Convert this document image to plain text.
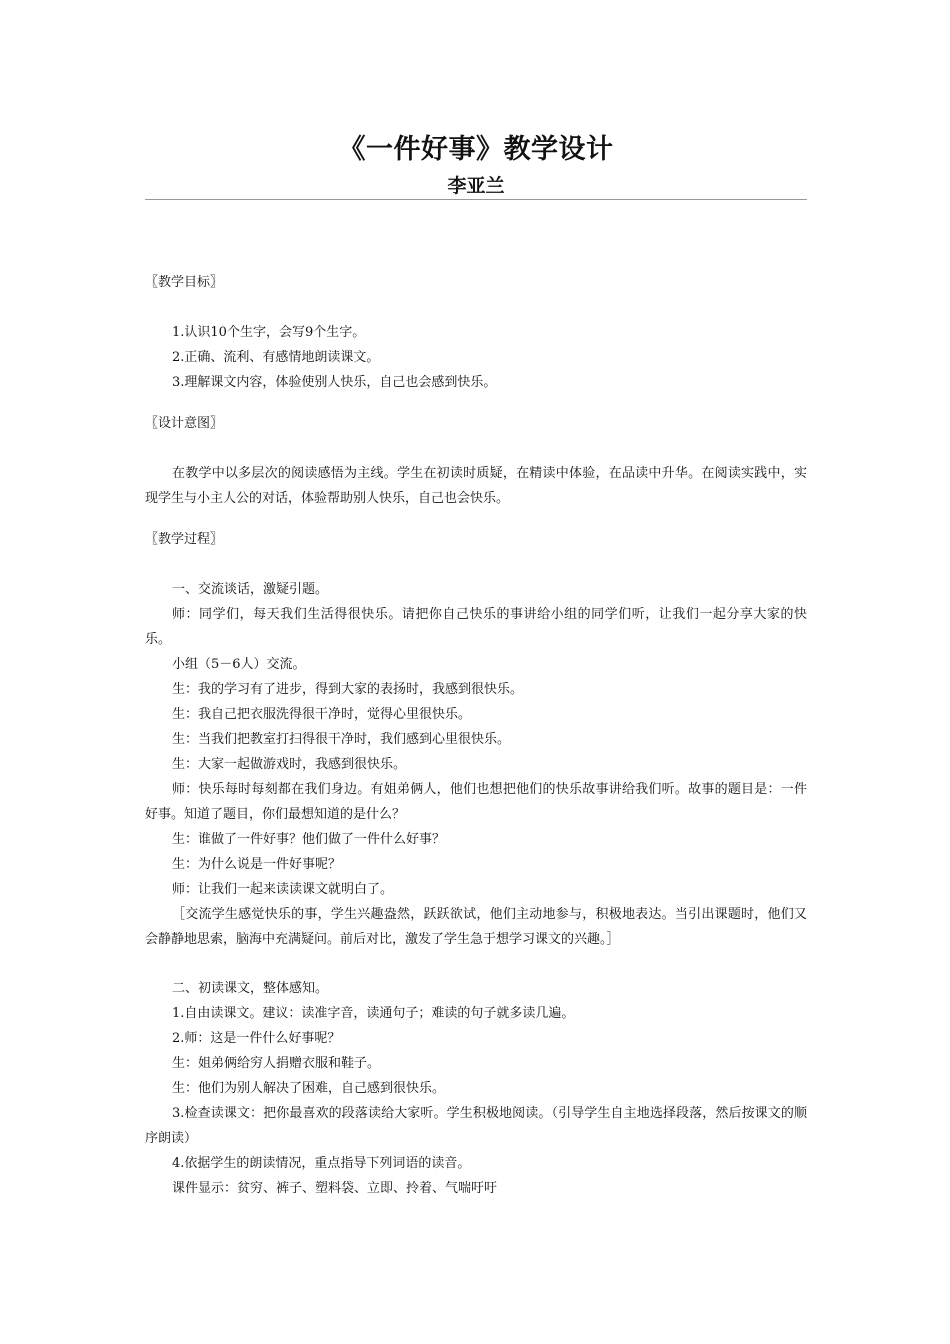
《一件好事》教学设计
李亚兰

〖教学目标〗

1.认识10个生字，会写9个生字。

2.正确、流利、有感情地朗读课文。

3.理解课文内容，体验使别人快乐，自己也会感到快乐。

〖设计意图〗

在教学中以多层次的阅读感悟为主线。学生在初读时质疑，在精读中体验，在品读中升华。在阅读实践中，实现学生与小主人公的对话，体验帮助别人快乐，自己也会快乐。

〖教学过程〗

一、交流谈话，激疑引题。

师：同学们，每天我们生活得很快乐。请把你自己快乐的事讲给小组的同学们听，让我们一起分享大家的快乐。

小组（5－6人）交流。

生：我的学习有了进步，得到大家的表扬时，我感到很快乐。

生：我自己把衣服洗得很干净时，觉得心里很快乐。

生：当我们把教室打扫得很干净时，我们感到心里很快乐。

生：大家一起做游戏时，我感到很快乐。

师：快乐每时每刻都在我们身边。有姐弟俩人，他们也想把他们的快乐故事讲给我们听。故事的题目是：一件好事。知道了题目，你们最想知道的是什么？

生：谁做了一件好事？他们做了一件什么好事？

生：为什么说是一件好事呢？

师：让我们一起来读读课文就明白了。

［交流学生感觉快乐的事，学生兴趣盎然，跃跃欲试，他们主动地参与，积极地表达。当引出课题时，他们又会静静地思索，脑海中充满疑问。前后对比，激发了学生急于想学习课文的兴趣。］

二、初读课文，整体感知。

1.自由读课文。建议：读准字音，读通句子；难读的句子就多读几遍。

2.师：这是一件什么好事呢？

生：姐弟俩给穷人捐赠衣服和鞋子。

生：他们为别人解决了困难，自己感到很快乐。

3.检查读课文：把你最喜欢的段落读给大家听。学生积极地阅读。（引导学生自主地选择段落，然后按课文的顺序朗读）

4.依据学生的朗读情况，重点指导下列词语的读音。

课件显示：贫穷、裤子、塑料袋、立即、拎着、气喘吁吁
